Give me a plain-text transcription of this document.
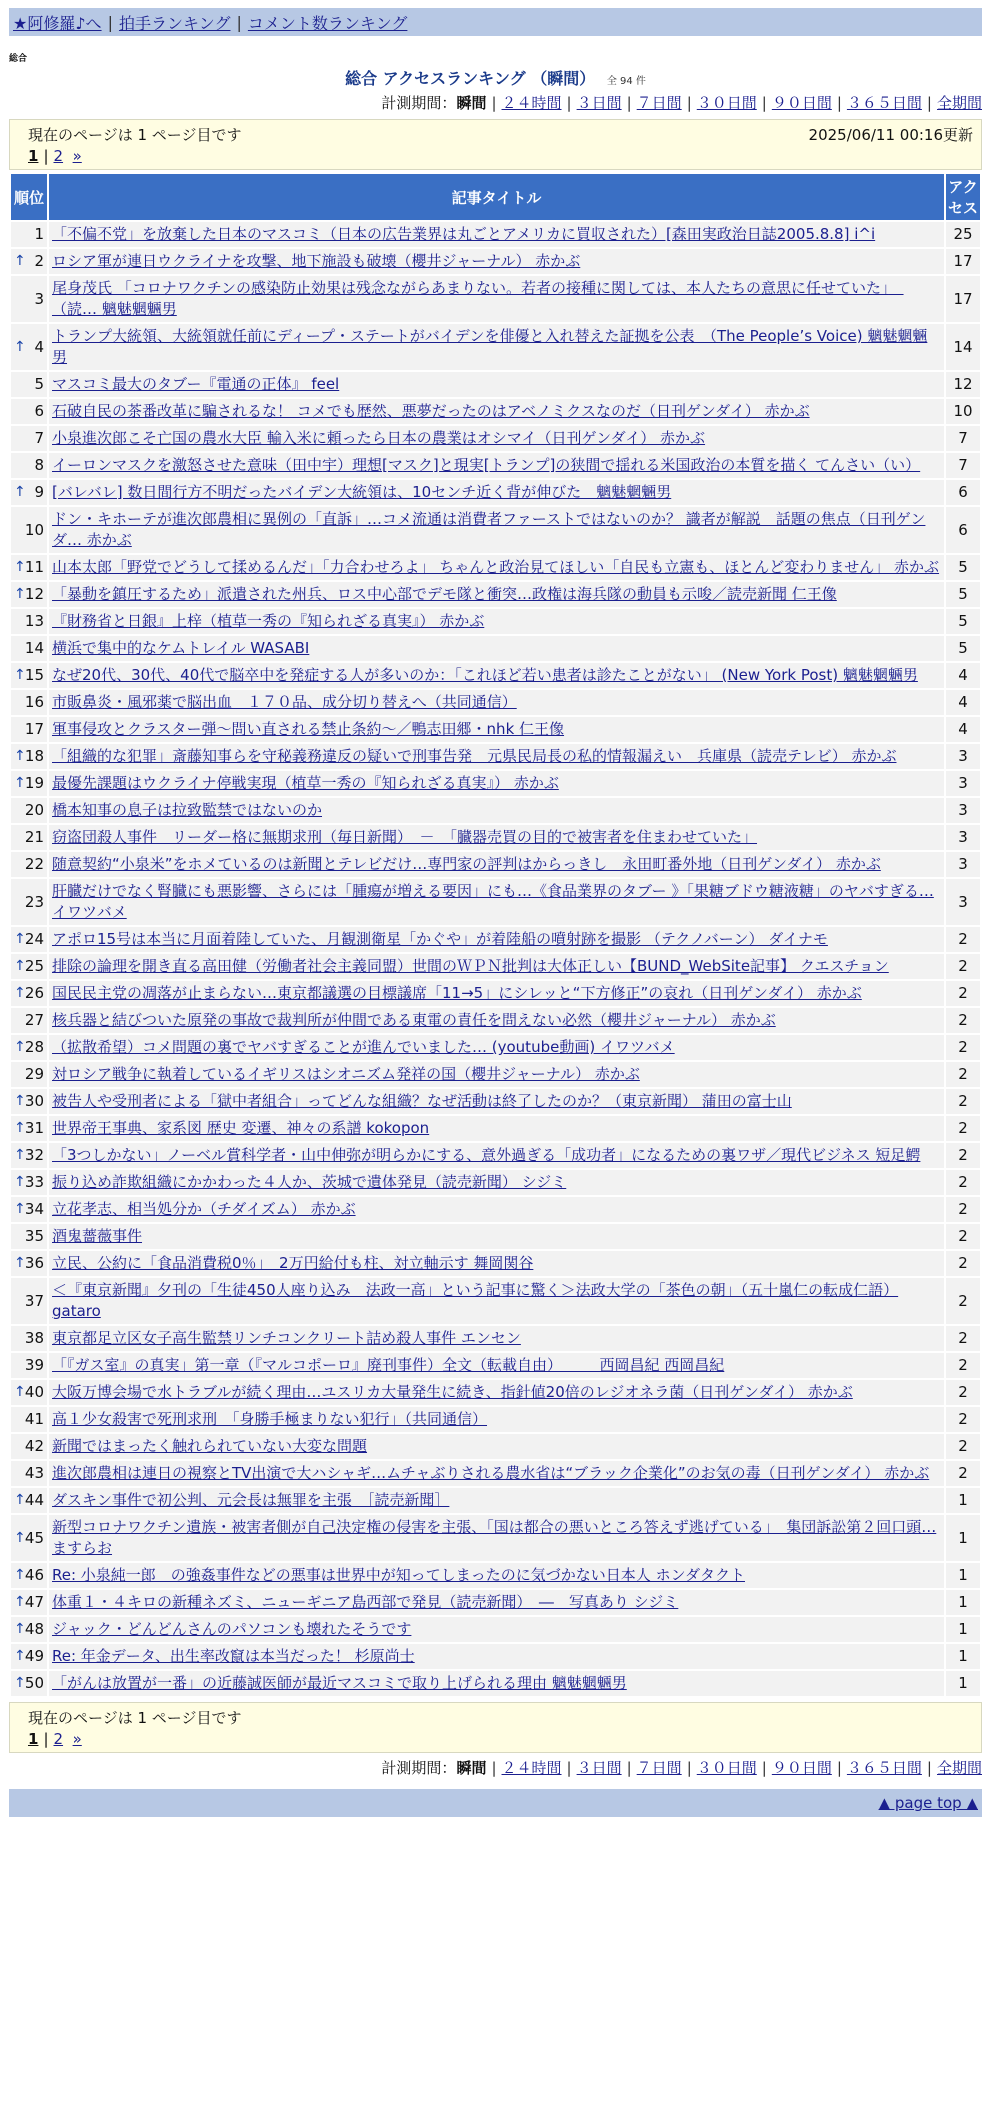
★阿修羅♪へ | 拍手ランキング | コメント数ランキング
総合
総合 アクセスランキング （瞬間） 全 94 件
計測期間：瞬間 | ２４時間 | ３日間 | ７日間 | ３０日間 | ９０日間 | ３６５日間 | 全期間
現在のページは 1 ページ目です	2025/06/11 00:16更新
1 | 2 »
順位	記事タイトル	アクセス
1	「不偏不党」を放棄した日本のマスコミ（日本の広告業界は丸ごとアメリカに買収された）[森田実政治日誌2005.8.8] i^i	25

↑ 2	ロシア軍が連日ウクライナを攻撃、地下施設も破壊（櫻井ジャーナル） 赤かぶ	17
3	尾身茂氏 「コロナワクチンの感染防止効果は残念ながらあまりない。若者の接種に関しては、本人たちの意思に任せていた」　（読… 魑魅魍魎男	17

↑ 4	トランプ大統領、大統領就任前にディープ・ステートがバイデンを俳優と入れ替えた証拠を公表　（The People’s Voice) 魑魅魍魎男	14
5	マスコミ最大のタブー『電通の正体』 feel	12
6	石破自民の茶番改革に騙されるな！ コメでも歴然、悪夢だったのはアベノミクスなのだ（日刊ゲンダイ） 赤かぶ	10
7	小泉進次郎こそ亡国の農水大臣 輸入米に頼ったら日本の農業はオシマイ（日刊ゲンダイ） 赤かぶ	7
8	イーロンマスクを激怒させた意味（田中宇）理想[マスク]と現実[トランプ]の狭間で揺れる米国政治の本質を描く てんさい（い）	7

↑ 9	[バレバレ] 数日間行方不明だったバイデン大統領は、10センチ近く背が伸びた　魑魅魍魎男	6
10	ドン・キホーテが進次郎農相に異例の「直訴」…コメ流通は消費者ファーストではないのか？ 識者が解説　話題の焦点（日刊ゲンダ… 赤かぶ	6

↑ 11	山本太郎「野党でどうして揉めるんだ」「力合わせろよ」 ちゃんと政治見てほしい「自民も立憲も、ほとんど変わりません」 赤かぶ	5

↑ 12	「暴動を鎮圧するため」派遣された州兵、ロス中心部でデモ隊と衝突…政権は海兵隊の動員も示唆／読売新聞 仁王像	5
13	『財務省と日銀』上梓（植草一秀の『知られざる真実』） 赤かぶ	5
14	横浜で集中的なケムトレイル WASABI	5

↑ 15	なぜ20代、30代、40代で脳卒中を発症する人が多いのか：「これほど若い患者は診たことがない」 (New York Post) 魑魅魍魎男	4
16	市販鼻炎・風邪薬で脳出血　１７０品、成分切り替えへ（共同通信）	4
17	軍事侵攻とクラスター弾〜問い直される禁止条約〜／鴨志田郷・nhk 仁王像	4

↑ 18	「組織的な犯罪」斎藤知事らを守秘義務違反の疑いで刑事告発　元県民局長の私的情報漏えい　兵庫県（読売テレビ） 赤かぶ	3

↑ 19	最優先課題はウクライナ停戦実現（植草一秀の『知られざる真実』） 赤かぶ	3
20	橋本知事の息子は拉致監禁ではないのか	3
21	窃盗団殺人事件　リーダー格に無期求刑（毎日新聞）　－　「臓器売買の目的で被害者を住まわせていた」	3
22	随意契約“小泉米”をホメているのは新聞とテレビだけ…専門家の評判はからっきし　永田町番外地（日刊ゲンダイ） 赤かぶ	3
23	肝臓だけでなく腎臓にも悪影響、さらには「腫瘍が増える要因」にも…《食品業界のタブー 》「果糖ブドウ糖液糖」のヤバすぎる… イワツバメ	3

↑ 24	アポロ15号は本当に月面着陸していた、月観測衛星「かぐや」が着陸船の噴射跡を撮影 （テクノバーン） ダイナモ	2

↑ 25	排除の論理を開き直る高田健（労働者社会主義同盟）世間のＷＰＮ批判は大体正しい【BUND_WebSite記事】 クエスチョン	2

↑ 26	国民民主党の凋落が止まらない…東京都議選の目標議席「11→5」にシレッと“下方修正”の哀れ（日刊ゲンダイ） 赤かぶ	2
27	核兵器と結びついた原発の事故で裁判所が仲間である東電の責任を問えない必然（櫻井ジャーナル） 赤かぶ	2

↑ 28	（拡散希望）コメ問題の裏でヤバすぎることが進んでいました… (youtube動画) イワツバメ	2
29	対ロシア戦争に執着しているイギリスはシオニズム発祥の国（櫻井ジャーナル） 赤かぶ	2

↑ 30	被告人や受刑者による「獄中者組合」ってどんな組織？なぜ活動は終了したのか？（東京新聞） 蒲田の富士山	2

↑ 31	世界帝王事典、家系図 歴史 変遷、神々の系譜 kokopon	2

↑ 32	「3つしかない」ノーベル賞科学者・山中伸弥が明らかにする、意外過ぎる「成功者」になるための裏ワザ／現代ビジネス 短足鰐	2

↑ 33	振り込め詐欺組織にかかわった４人か、茨城で遺体発見（読売新聞） シジミ	2

↑ 34	立花孝志、相当処分か（チダイズム） 赤かぶ	2
35	酒鬼薔薇事件	2

↑ 36	立民、公約に「食品消費税0％」　2万円給付も柱、対立軸示す 舞岡関谷	2
37	＜『東京新聞』夕刊の「生徒450人座り込み　法政一高」という記事に驚く＞法政大学の「茶色の朝」（五十嵐仁の転成仁語） gataro	2
38	東京都足立区女子高生監禁リンチコンクリート詰め殺人事件 エンセン	2
39	「『ガス室』の真実」第一章（『マルコポーロ』廃刊事件）全文（転載自由）　　　西岡昌紀 西岡昌紀	2

↑ 40	大阪万博会場で水トラブルが続く理由…ユスリカ大量発生に続き、指針値20倍のレジオネラ菌（日刊ゲンダイ） 赤かぶ	2
41	高１少女殺害で死刑求刑　「身勝手極まりない犯行」（共同通信）	2
42	新聞ではまったく触れられていない大変な問題	2
43	進次郎農相は連日の視察とTV出演で大ハシャギ…ムチャぶりされる農水省は“ブラック企業化”のお気の毒（日刊ゲンダイ） 赤かぶ	2

↑ 44	ダスキン事件で初公判、元会長は無罪を主張　［読売新聞］	1

↑ 45	新型コロナワクチン遺族・被害者側が自己決定権の侵害を主張、「国は都合の悪いところ答えず逃げている」　集団訴訟第２回口頭… ますらお	1

↑ 46	Re: 小泉純一郎　の強姦事件などの悪事は世界中が知ってしまったのに気づかない日本人 ホンダタクト	1

↑ 47	体重１・４キロの新種ネズミ、ニューギニア島西部で発見（読売新聞）　―　写真あり シジミ	1

↑ 48	ジャック・どんどんさんのパソコンも壊れたそうです	1

↑ 49	Re: 年金データ、出生率改竄は本当だった！ 杉原尚士	1

↑ 50	「がんは放置が一番」の近藤誠医師が最近マスコミで取り上げられる理由 魑魅魍魎男	1
現在のページは 1 ページ目です
1 | 2 »
計測期間：瞬間 | ２４時間 | ３日間 | ７日間 | ３０日間 | ９０日間 | ３６５日間 | 全期間
▲ page top ▲
